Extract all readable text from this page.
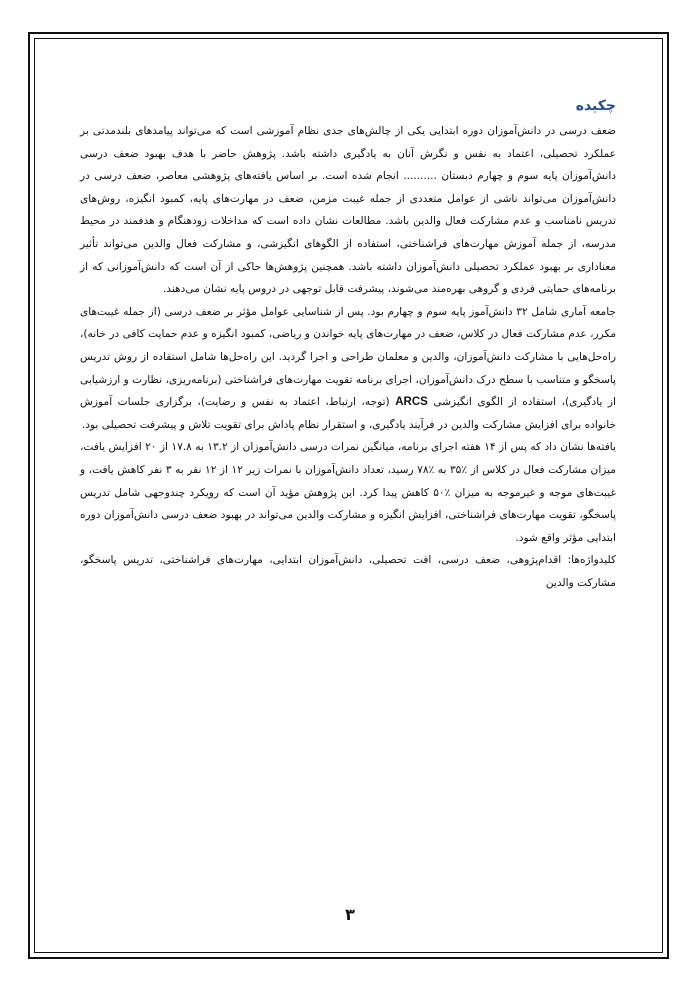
چکیده

ضعف درسی در دانش‌آموزان دوره ابتدایی یکی از چالش‌های جدی نظام آموزشی است که می‌تواند پیامدهای بلندمدتی بر عملکرد تحصیلی، اعتماد به نفس و نگرش آنان به یادگیری داشته باشد. پژوهش حاضر با هدف بهبود ضعف درسی دانش‌آموزان پایه سوم و چهارم دبستان .......... انجام شده است. بر اساس یافته‌های پژوهشی معاصر، ضعف درسی در دانش‌آموزان می‌تواند ناشی از عوامل متعددی از جمله غیبت مزمن، ضعف در مهارت‌های پایه، کمبود انگیزه، روش‌های تدریس نامناسب و عدم مشارکت فعال والدین باشد. مطالعات نشان داده است که مداخلات زودهنگام و هدفمند در محیط مدرسه، از جمله آموزش مهارت‌های فراشناختی، استفاده از الگوهای انگیزشی، و مشارکت فعال والدین می‌تواند تأثیر معناداری بر بهبود عملکرد تحصیلی دانش‌آموزان داشته باشد. همچنین پژوهش‌ها حاکی از آن است که دانش‌آموزانی که از برنامه‌های حمایتی فردی و گروهی بهره‌مند می‌شوند، پیشرفت قابل توجهی در دروس پایه نشان می‌دهند.

جامعه آماری شامل ۳۲ دانش‌آموز پایه سوم و چهارم بود. پس از شناسایی عوامل مؤثر بر ضعف درسی (از جمله غیبت‌های مکرر، عدم مشارکت فعال در کلاس، ضعف در مهارت‌های پایه خواندن و ریاضی، کمبود انگیزه و عدم حمایت کافی در خانه)، راه‌حل‌هایی با مشارکت دانش‌آموزان، والدین و معلمان طراحی و اجرا گردید. این راه‌حل‌ها شامل استفاده از روش تدریس پاسخگو و متناسب با سطح درک دانش‌آموزان، اجرای برنامه تقویت مهارت‌های فراشناختی (برنامه‌ریزی، نظارت و ارزشیابی از یادگیری)، استفاده از الگوی انگیزشی ARCS (توجه، ارتباط، اعتماد به نفس و رضایت)، برگزاری جلسات آموزش خانواده برای افزایش مشارکت والدین در فرآیند یادگیری، و استقرار نظام پاداش برای تقویت تلاش و پیشرفت تحصیلی بود.

یافته‌ها نشان داد که پس از ۱۴ هفته اجرای برنامه، میانگین نمرات درسی دانش‌آموزان از ۱۳.۲ به ۱۷.۸ از ۲۰ افزایش یافت، میزان مشارکت فعال در کلاس از ٪۳۵ به ٪۷۸ رسید، تعداد دانش‌آموزان با نمرات زیر ۱۲ از ۱۲ نفر به ۳ نفر کاهش یافت، و غیبت‌های موجه و غیرموجه به میزان ٪۵۰ کاهش پیدا کرد. این پژوهش مؤید آن است که رویکرد چندوجهی شامل تدریس پاسخگو، تقویت مهارت‌های فراشناختی، افزایش انگیزه و مشارکت والدین می‌تواند در بهبود ضعف درسی دانش‌آموزان دوره ابتدایی مؤثر واقع شود.

کلیدواژه‌ها: اقدام‌پژوهی، ضعف درسی، افت تحصیلی، دانش‌آموزان ابتدایی، مهارت‌های فراشناختی، تدریس پاسخگو، مشارکت والدین

۳
